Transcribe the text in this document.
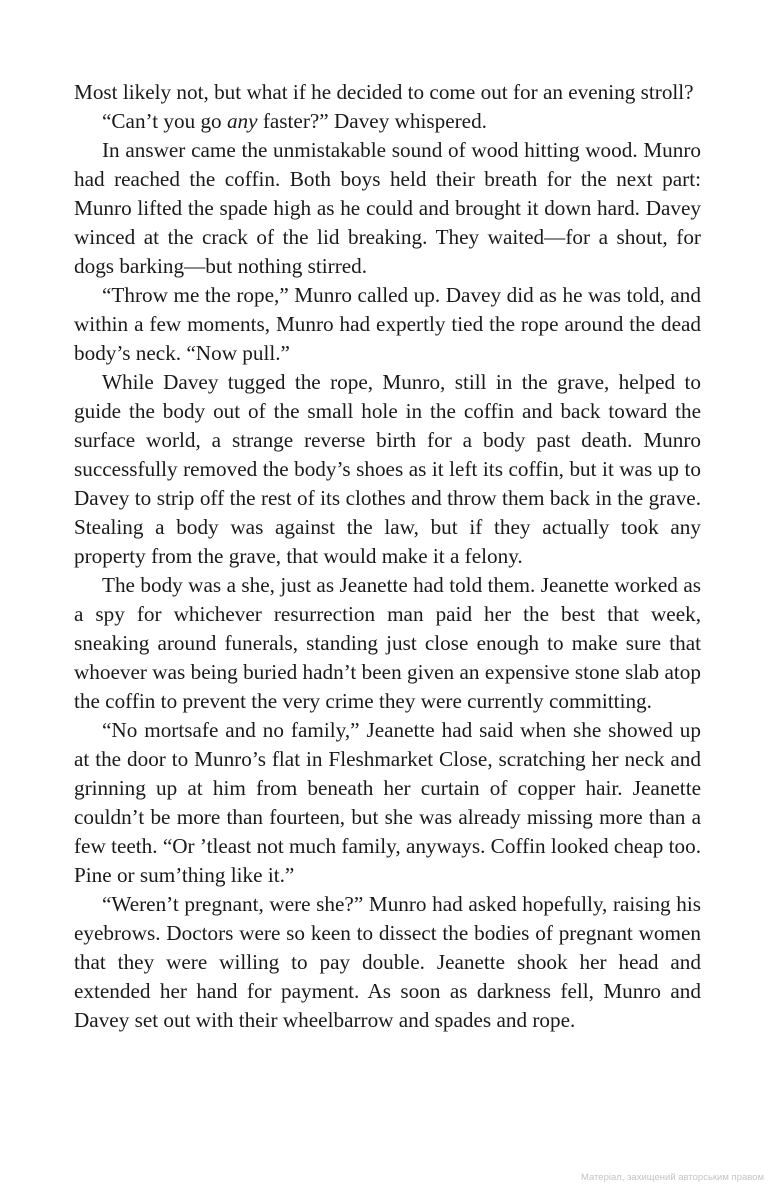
Most likely not, but what if he decided to come out for an evening stroll?

“Can’t you go any faster?” Davey whispered.

In answer came the unmistakable sound of wood hitting wood. Munro had reached the coffin. Both boys held their breath for the next part: Munro lifted the spade high as he could and brought it down hard. Davey winced at the crack of the lid breaking. They waited—for a shout, for dogs barking—but nothing stirred.

“Throw me the rope,” Munro called up. Davey did as he was told, and within a few moments, Munro had expertly tied the rope around the dead body’s neck. “Now pull.”

While Davey tugged the rope, Munro, still in the grave, helped to guide the body out of the small hole in the coffin and back toward the surface world, a strange reverse birth for a body past death. Munro successfully removed the body’s shoes as it left its coffin, but it was up to Davey to strip off the rest of its clothes and throw them back in the grave. Stealing a body was against the law, but if they actually took any property from the grave, that would make it a felony.

The body was a she, just as Jeanette had told them. Jeanette worked as a spy for whichever resurrection man paid her the best that week, sneaking around funerals, standing just close enough to make sure that whoever was being buried hadn’t been given an expensive stone slab atop the coffin to prevent the very crime they were currently committing.

“No mortsafe and no family,” Jeanette had said when she showed up at the door to Munro’s flat in Fleshmarket Close, scratching her neck and grinning up at him from beneath her curtain of copper hair. Jeanette couldn’t be more than fourteen, but she was already missing more than a few teeth. “Or ’tleast not much family, anyways. Coffin looked cheap too. Pine or sum’thing like it.”

“Weren’t pregnant, were she?” Munro had asked hopefully, raising his eyebrows. Doctors were so keen to dissect the bodies of pregnant women that they were willing to pay double. Jeanette shook her head and extended her hand for payment. As soon as darkness fell, Munro and Davey set out with their wheelbarrow and spades and rope.

Матеріал, захищений авторським правом
